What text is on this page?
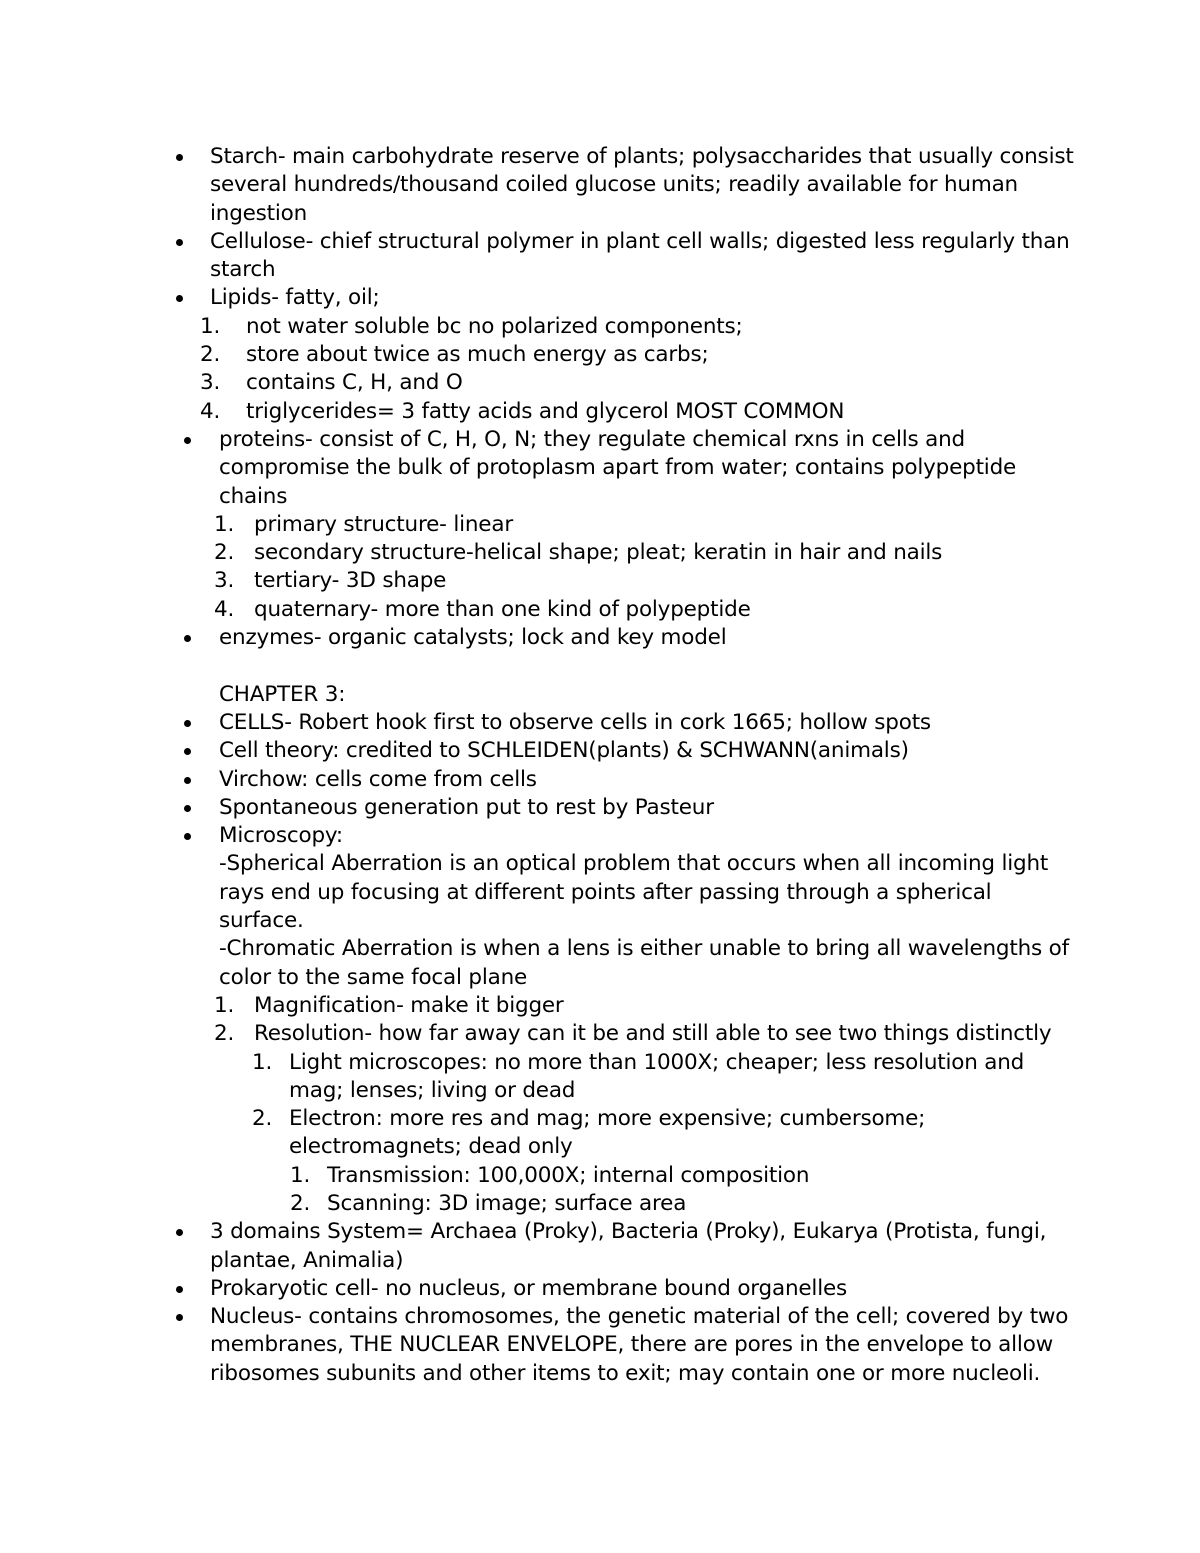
Starch- main carbohydrate reserve of plants; polysaccharides that usually consist
several hundreds/thousand coiled glucose units; readily available for human
ingestion
Cellulose- chief structural polymer in plant cell walls; digested less regularly than
starch
Lipids- fatty, oil;
1. not water soluble bc no polarized components;
2. store about twice as much energy as carbs;
3. contains C, H, and O
4. triglycerides= 3 fatty acids and glycerol MOST COMMON
proteins- consist of C, H, O, N; they regulate chemical rxns in cells and
compromise the bulk of protoplasm apart from water; contains polypeptide
chains
1. primary structure- linear
2. secondary structure-helical shape; pleat; keratin in hair and nails
3. tertiary- 3D shape
4. quaternary- more than one kind of polypeptide
enzymes- organic catalysts; lock and key model
CHAPTER 3:
CELLS- Robert hook first to observe cells in cork 1665; hollow spots
Cell theory: credited to SCHLEIDEN(plants) & SCHWANN(animals)
Virchow: cells come from cells
Spontaneous generation put to rest by Pasteur
Microscopy:
-Spherical Aberration is an optical problem that occurs when all incoming light
rays end up focusing at different points after passing through a spherical
surface.
-Chromatic Aberration is when a lens is either unable to bring all wavelengths of
color to the same focal plane
1. Magnification- make it bigger
2. Resolution- how far away can it be and still able to see two things distinctly
1. Light microscopes: no more than 1000X; cheaper; less resolution and
mag; lenses; living or dead
2. Electron: more res and mag; more expensive; cumbersome;
electromagnets; dead only
1. Transmission: 100,000X; internal composition
2. Scanning: 3D image; surface area
3 domains System= Archaea (Proky), Bacteria (Proky), Eukarya (Protista, fungi,
plantae, Animalia)
Prokaryotic cell- no nucleus, or membrane bound organelles
Nucleus- contains chromosomes, the genetic material of the cell; covered by two
membranes, THE NUCLEAR ENVELOPE, there are pores in the envelope to allow
ribosomes subunits and other items to exit; may contain one or more nucleoli.
